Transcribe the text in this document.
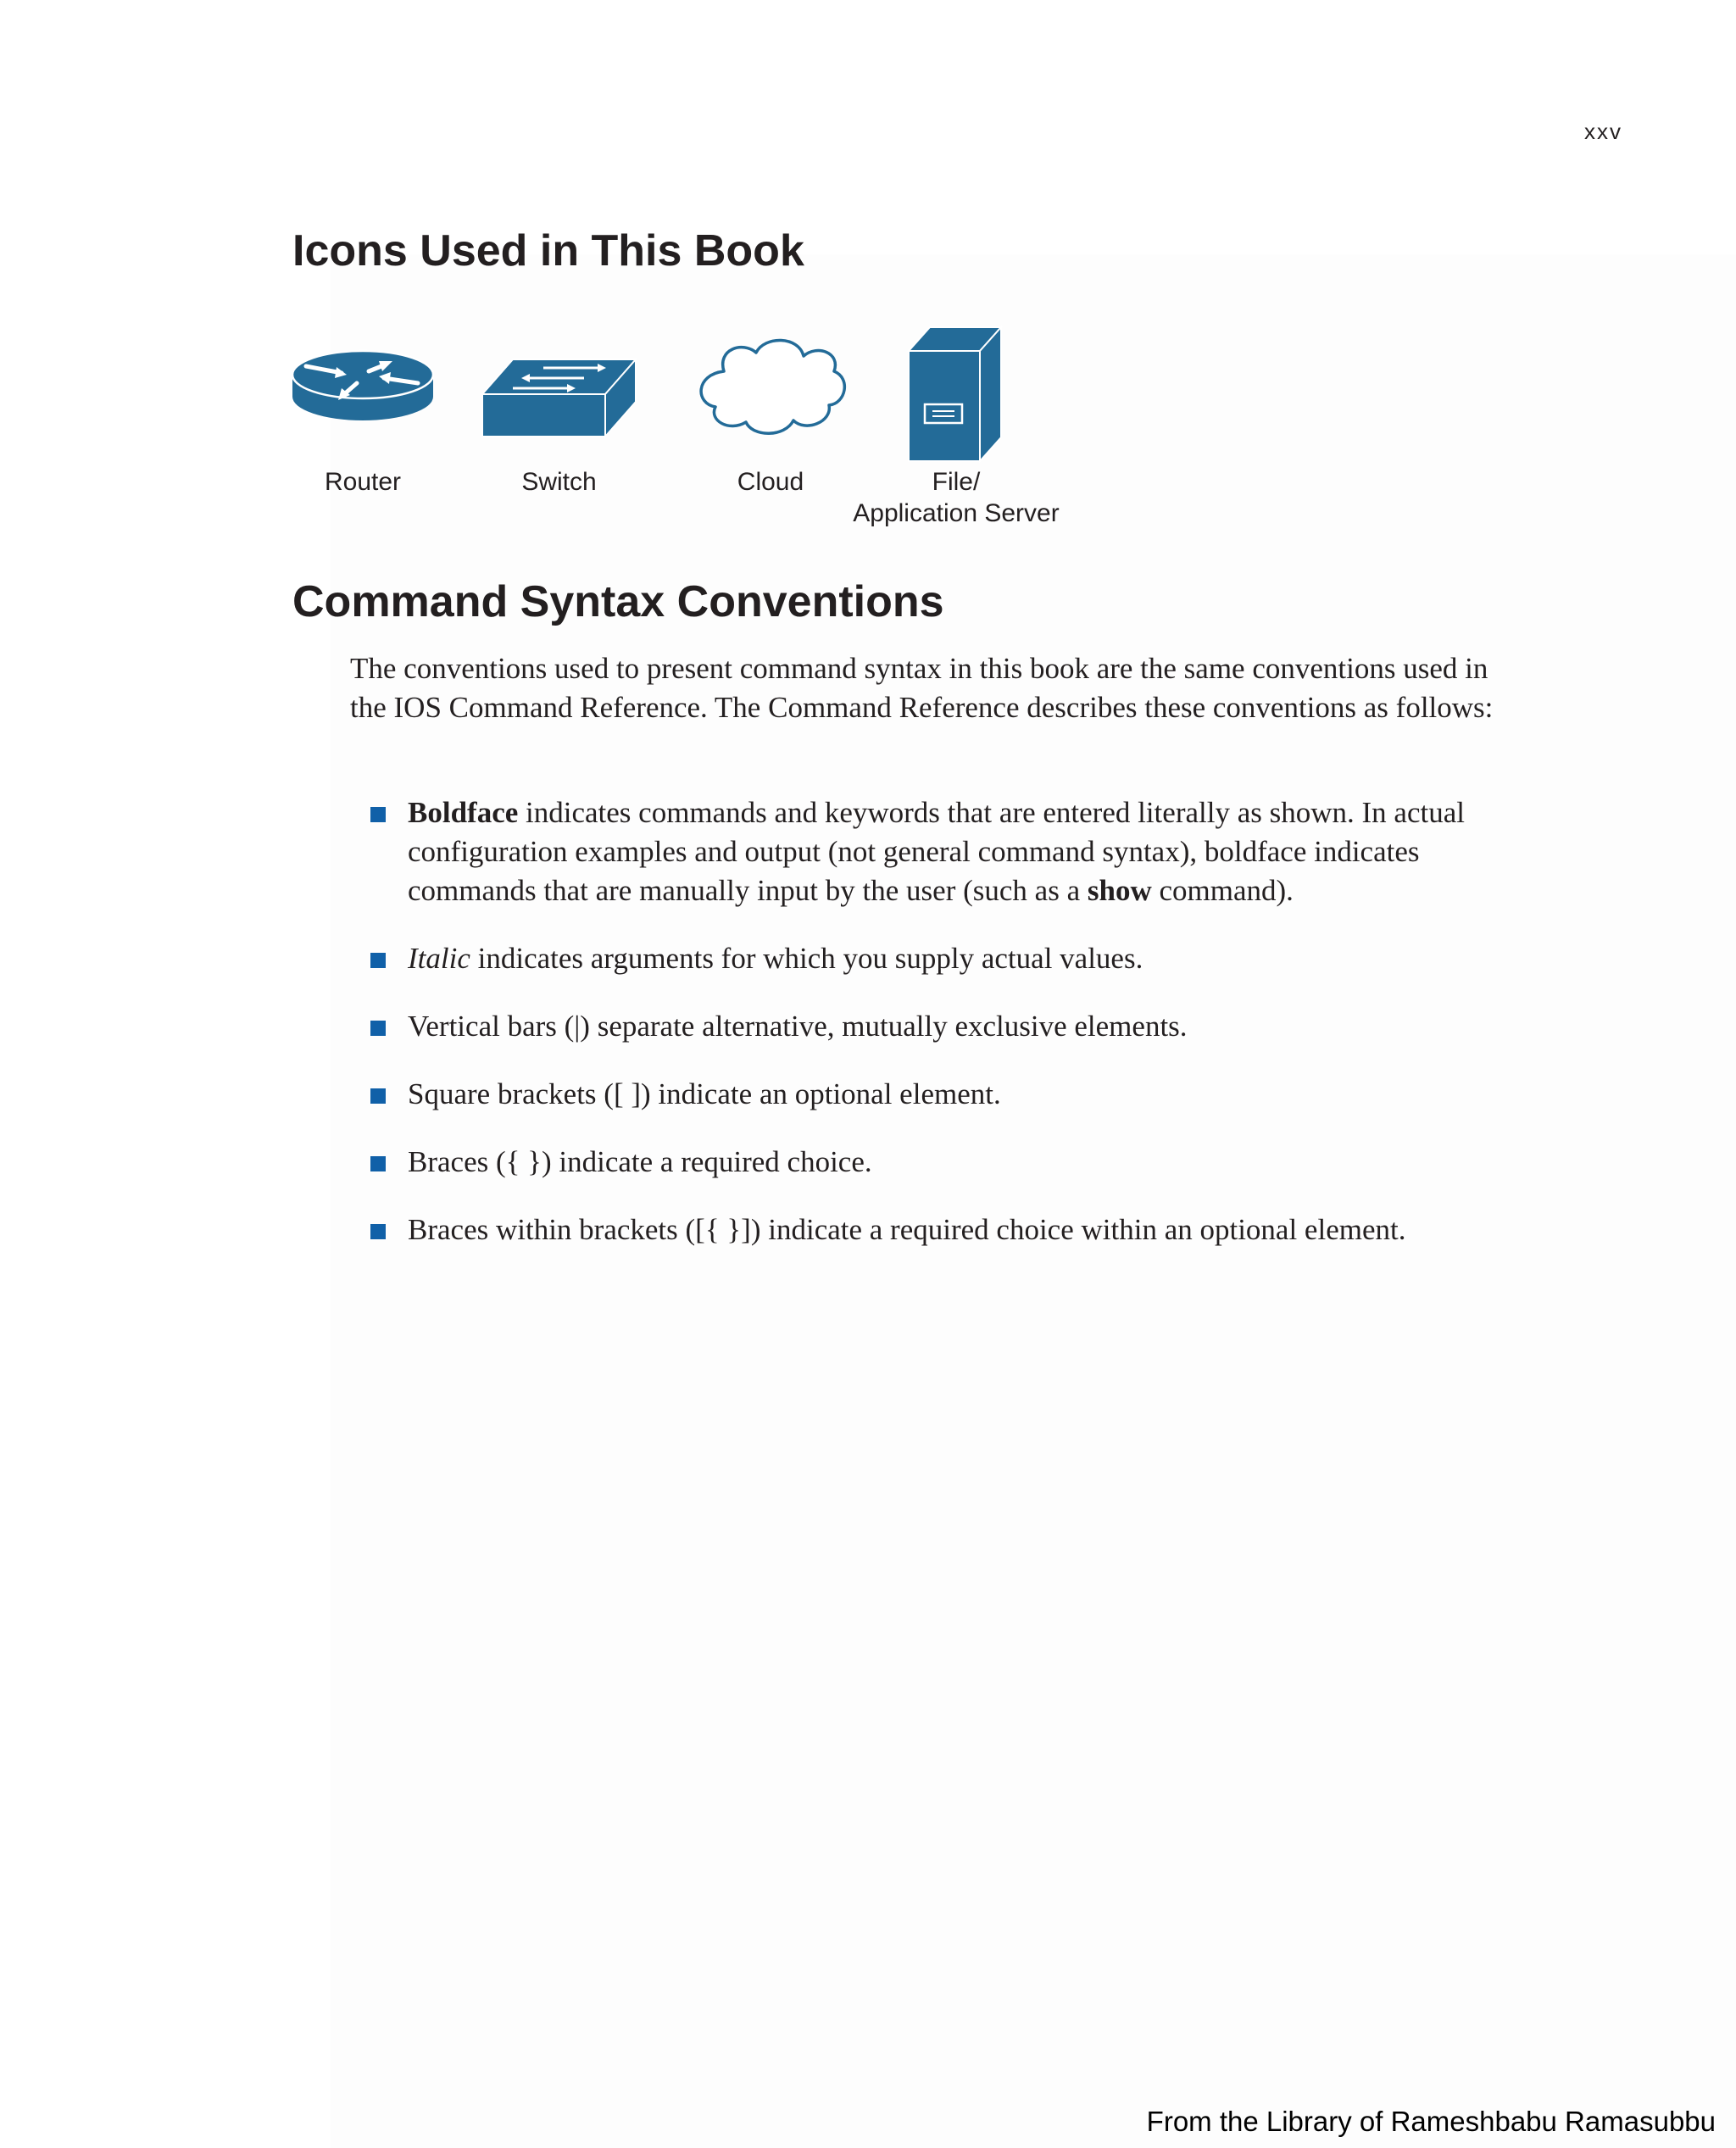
xxv
Icons Used in This Book
Router	Switch	Cloud	File/
Application Server
Command Syntax Conventions

The conventions used to present command syntax in this book are the same conventions used in the IOS Command Reference. The Command Reference describes these conventions as follows:

Boldface indicates commands and keywords that are entered literally as shown. In actual configuration examples and output (not general command syntax), boldface indicates commands that are manually input by the user (such as a show command).
Italic indicates arguments for which you supply actual values.
Vertical bars (|) separate alternative, mutually exclusive elements.
Square brackets ([ ]) indicate an optional element.
Braces ({ }) indicate a required choice.
Braces within brackets ([{ }]) indicate a required choice within an optional element.
From the Library of Rameshbabu Ramasubbu
